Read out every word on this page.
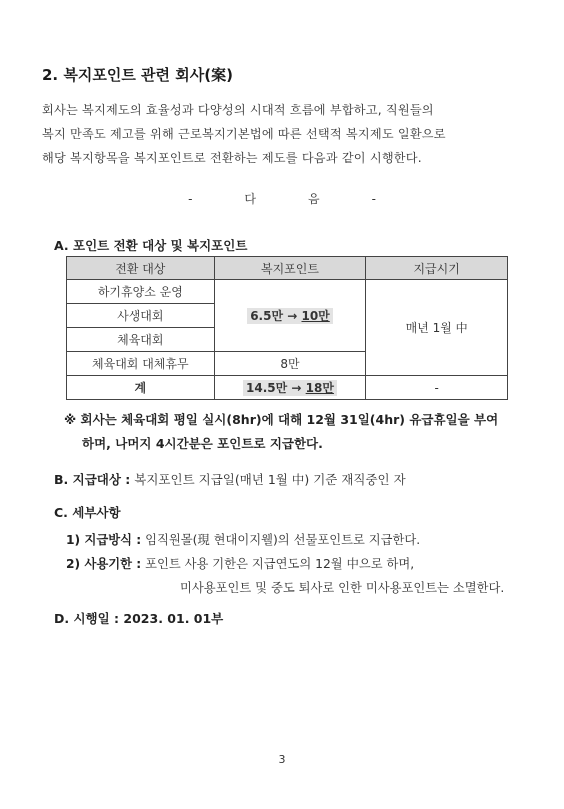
2. 복지포인트 관련 회사(案)
회사는 복지제도의 효율성과 다양성의 시대적 흐름에 부합하고, 직원들의
복지 만족도 제고를 위해 근로복지기본법에 따른 선택적 복지제도 일환으로
해당 복지항목을 복지포인트로 전환하는 제도를 다음과 같이 시행한다.
-	다	음	-
A. 포인트 전환 대상 및 복지포인트
전환 대상	복지포인트	지급시기
하기휴양소 운영	6.5만 → 10만	매년 1월 中
사생대회		
체육대회		
체육대회 대체휴무	8만	
계	14.5만 → 18만	-
※ 회사는 체육대회 평일 실시(8hr)에 대해 12월 31일(4hr) 유급휴일을 부여
하며, 나머지 4시간분은 포인트로 지급한다.
B. 지급대상 : 복지포인트 지급일(매년 1월 中) 기준 재직중인 자
C. 세부사항
1) 지급방식 : 임직원몰(現 현대이지웰)의 선물포인트로 지급한다.
2) 사용기한 : 포인트 사용 기한은 지급연도의 12월 中으로 하며,
미사용포인트 및 중도 퇴사로 인한 미사용포인트는 소멸한다.
D. 시행일 : 2023. 01. 01부
3
